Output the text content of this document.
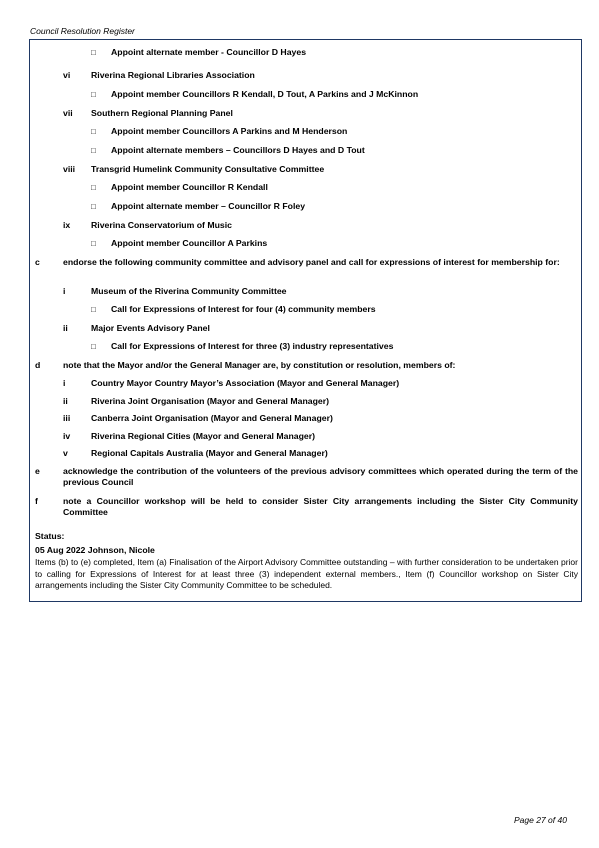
Council Resolution Register
□ Appoint alternate member - Councillor D Hayes
vi Riverina Regional Libraries Association
□ Appoint member Councillors R Kendall, D Tout, A Parkins and J McKinnon
vii Southern Regional Planning Panel
□ Appoint member Councillors A Parkins and M Henderson
□ Appoint alternate members – Councillors D Hayes and D Tout
viii Transgrid Humelink Community Consultative Committee
□ Appoint member Councillor R Kendall
□ Appoint alternate member – Councillor R Foley
ix Riverina Conservatorium of Music
□ Appoint member Councillor A Parkins
c	endorse the following community committee and advisory panel and call for expressions of interest for membership for:
i	Museum of the Riverina Community Committee
□ Call for Expressions of Interest for four (4) community members
ii	Major Events Advisory Panel
□ Call for Expressions of Interest for three (3) industry representatives
d	note that the Mayor and/or the General Manager are, by constitution or resolution, members of:
i	Country Mayor Country Mayor’s Association (Mayor and General Manager)
ii	Riverina Joint Organisation (Mayor and General Manager)
iii Canberra Joint Organisation (Mayor and General Manager)
iv Riverina Regional Cities (Mayor and General Manager)
v	Regional Capitals Australia (Mayor and General Manager)
e	acknowledge the contribution of the volunteers of the previous advisory committees which operated during the term of the previous Council
f	note a Councillor workshop will be held to consider Sister City arrangements including the Sister City Community Committee
Status:
05 Aug 2022 Johnson, Nicole
Items (b) to (e) completed, Item (a) Finalisation of the Airport Advisory Committee outstanding – with further consideration to be undertaken prior to calling for Expressions of Interest for at least three (3) independent external members., Item (f) Councillor workshop on Sister City arrangements including the Sister City Community Committee to be scheduled.
Page 27 of 40
